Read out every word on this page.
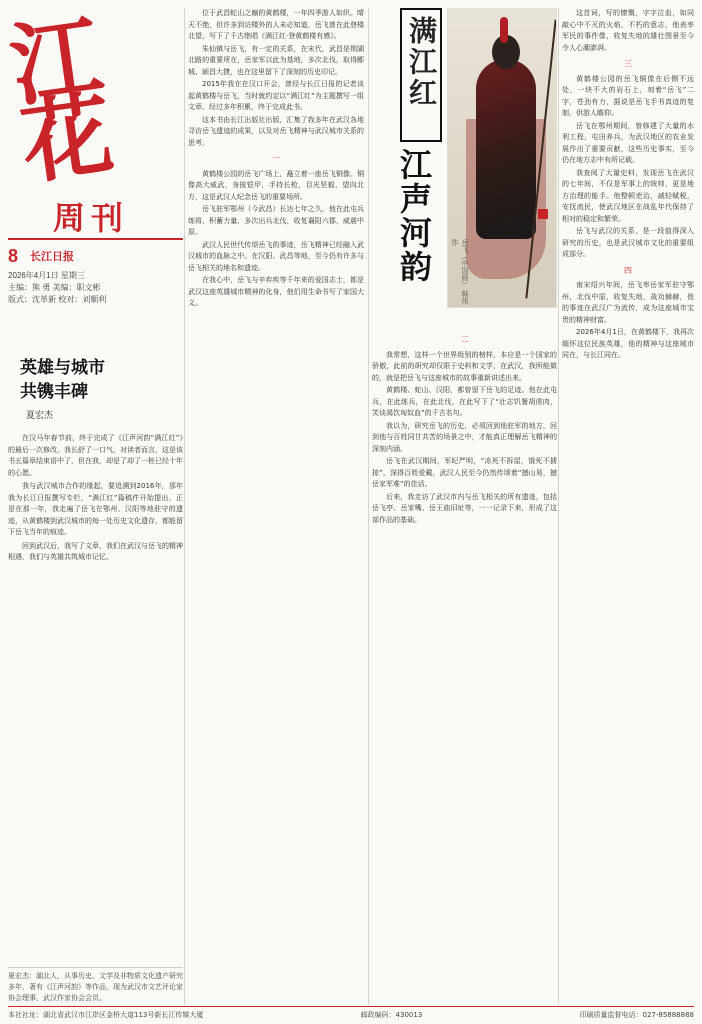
江花
周刊
8 长江日报
2026年4月1日 星期三
主编：熊 勇 美编：职文彬
版式：沈革新 校对：刘顺利
英雄与城市
共镌丰碑
夏宏杰

在汉马年春节前，终于完成了《江声河韵“满江红”》的最后一次修改，我长舒了一口气。对读者而言，这是该书五篇章结束语中了，但在我，却是了却了一桩已经十年的心愿。

我与武汉城市合作的缘起，要追溯到2016年，那年我为长江日报撰写专栏，“满江红”篇稿件开始提出，正是在那一年，我走遍了岳飞在鄂州、汉阳等地驻守的遗迹，从黄鹤楼到武汉城市的每一处历史文化遗存，都能留下岳飞当年的痕迹。

回到武汉后，我写了文章，我们在武汉与岳飞的精神相遇，我们与英雄共筑城市记忆。

夏宏杰：湖北人，从事历史、文学及非物质文化遗产研究多年，著有《江声河韵》等作品，现为武汉市文艺评论家协会理事，武汉作家协会会员。

位于武昌蛇山之巅的黄鹤楼，一年四季游人如织。晴天不绝，但许多到访楼外的人未必知道，岳飞曾在此登楼北望，写下了千古绝唱《满江红·登黄鹤楼有感》。

朱仙镇与岳飞，有一定的关系，在宋代，武昌是荆湖北路的重要所在，岳家军以此为基地，多次北伐，取得郾城、颍昌大捷，也在这里留下了深刻的历史印记。

2015年我在在汉口开会，曾经与长江日报的记者谈起黄鹤楼与岳飞，当时就约定以“满江红”为主题撰写一组文章。经过多年积累，终于完成此书。

这本书由长江出版社出版，汇集了我多年在武汉各地寻访岳飞遗迹的成果，以及对岳飞精神与武汉城市关系的思考。

一

黄鹤楼公园的岳飞广场上，矗立着一座岳飞铜像。铜像高大威武，身披铠甲，手持长枪，目光坚毅，望向北方，这是武汉人纪念岳飞的重要场所。

岳飞驻军鄂州（今武昌）长达七年之久，他在此屯兵练将，积蓄力量，多次出兵北伐，收复襄阳六郡，威震中原。

武汉人民世代传颂岳飞的事迹，岳飞精神已经融入武汉城市的血脉之中。在汉阳、武昌等地，至今仍有许多与岳飞相关的地名和遗迹。

在我心中，岳飞与辛弃疾等千年来的爱国志士，都是武汉这座英雄城市精神的化身，他们用生命书写了家国大义。

满江红
江声河韵	岳飞（中国画） 韩伟 作
二

我常想，这样一个世界级别的榜样，本应是一个国家的骄傲，此前的研究却仅限于史料和文学，在武汉，我所能做的，就是把岳飞与这座城市的故事重新讲述出来。

黄鹤楼、蛇山、汉阳，都曾留下岳飞的足迹。他在此屯兵，在此练兵，在此北伐，在此写下了“壮志饥餐胡虏肉，笑谈渴饮匈奴血”的千古名句。

我以为，研究岳飞的历史，必须回到他驻军的地方，回到他与百姓同甘共苦的场景之中，才能真正理解岳飞精神的深刻内涵。

岳飞在武汉期间，军纪严明，“冻死不拆屋，饿死不掳掠”，深得百姓爱戴，武汉人民至今仍然传颂着“撼山易，撼岳家军难”的佳话。

后来，我走访了武汉市内与岳飞相关的所有遗迹，包括岳飞亭、岳家嘴、岳王庙旧址等，一一记录下来，形成了这部作品的基础。

这首词，写的慷慨，字字泣血，如同敲心中不灭的火焰，不朽的意志，他表率军民的事件像，收复失地的雄壮图景至今令人心潮澎湃。

三

黄鹤楼公园的岳飞铜像在后侧不远处，一块不大的岩石上，刻着“岳飞”二字，苍劲有力，据说是岳飞手书真迹的复制，供游人瞻仰。

岳飞在鄂州期间，曾修建了大量的水利工程，屯田养兵，为武汉地区的农业发展作出了重要贡献，这些历史事实，至今仍在地方志中有所记载。

我查阅了大量史料，发现岳飞在武汉的七年间，不仅是军事上的统帅，更是地方治理的能手。他整顿吏治，减轻赋税，安抚流民，使武汉地区在战乱年代保持了相对的稳定和繁荣。

岳飞与武汉的关系，是一段值得深入研究的历史，也是武汉城市文化的重要组成部分。

四

南宋绍兴年间，岳飞率岳家军驻守鄂州，北伐中原，收复失地，战功赫赫，他的事迹在武汉广为流传，成为这座城市宝贵的精神财富。

2026年4月1日，在黄鹤楼下，我再次缅怀这位民族英雄，他的精神与这座城市同在，与长江同在。

本社社址：湖北省武汉市江岸区金桥大道113号新长江传媒大厦	邮政编码：430013	印刷质量监督电话：027-85888888
